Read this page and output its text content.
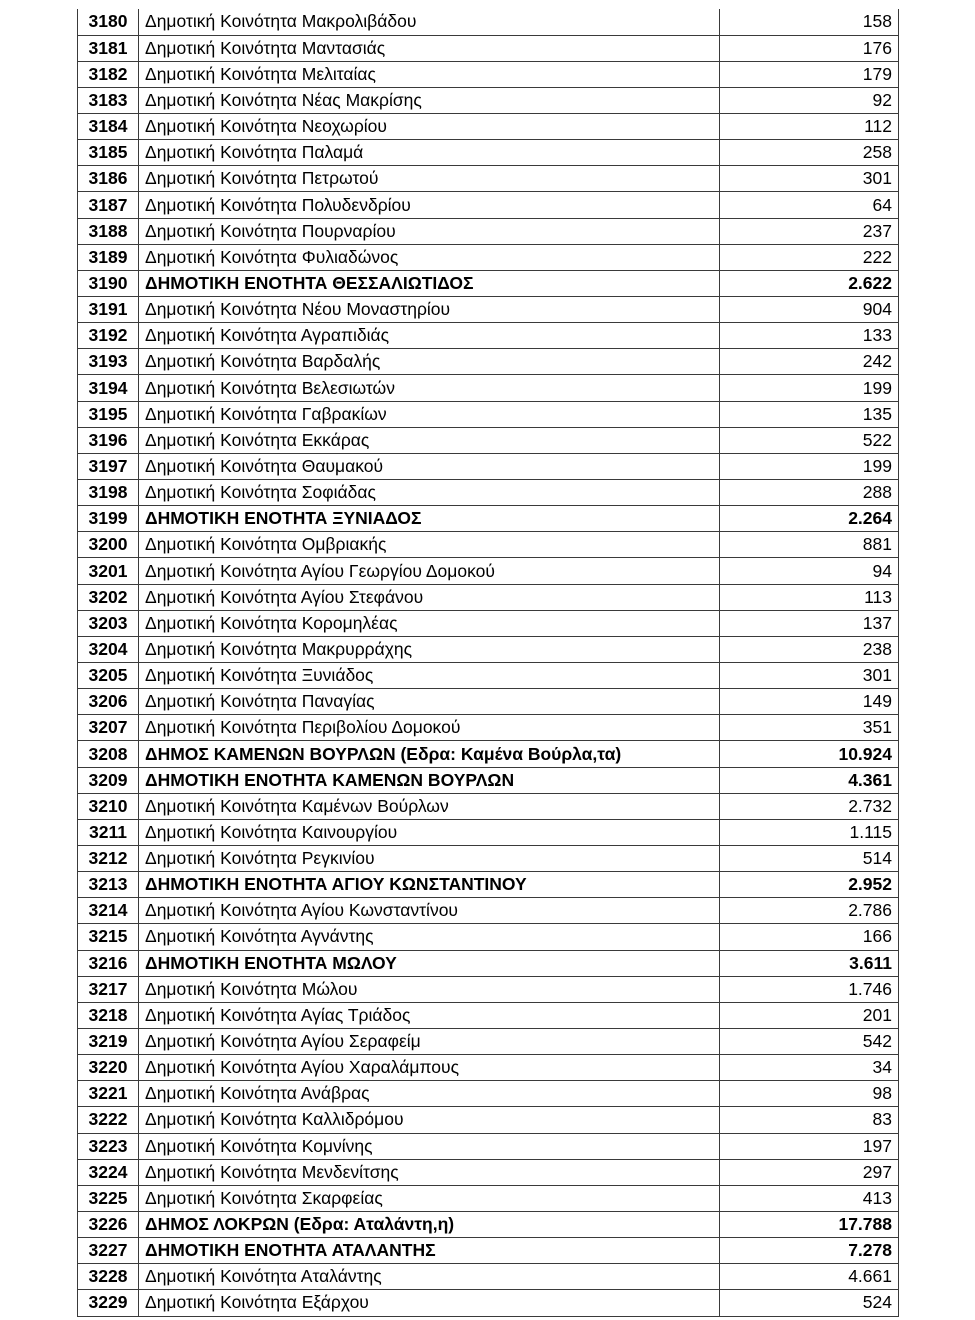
3180	Δημοτική Κοινότητα Μακρολιβάδου	158
3181	Δημοτική Κοινότητα Μαντασιάς	176
3182	Δημοτική Κοινότητα Μελιταίας	179
3183	Δημοτική Κοινότητα Νέας Μακρίσης	92
3184	Δημοτική Κοινότητα Νεοχωρίου	112
3185	Δημοτική Κοινότητα Παλαμά	258
3186	Δημοτική Κοινότητα Πετρωτού	301
3187	Δημοτική Κοινότητα Πολυδενδρίου	64
3188	Δημοτική Κοινότητα Πουρναρίου	237
3189	Δημοτική Κοινότητα Φυλιαδώνος	222
3190	ΔΗΜΟΤΙΚΗ ΕΝΟΤΗΤΑ ΘΕΣΣΑΛΙΩΤΙΔΟΣ	2.622
3191	Δημοτική Κοινότητα Νέου Μοναστηρίου	904
3192	Δημοτική Κοινότητα Αγραπιδιάς	133
3193	Δημοτική Κοινότητα Βαρδαλής	242
3194	Δημοτική Κοινότητα Βελεσιωτών	199
3195	Δημοτική Κοινότητα Γαβρακίων	135
3196	Δημοτική Κοινότητα Εκκάρας	522
3197	Δημοτική Κοινότητα Θαυμακού	199
3198	Δημοτική Κοινότητα Σοφιάδας	288
3199	ΔΗΜΟΤΙΚΗ ΕΝΟΤΗΤΑ ΞΥΝΙΑΔΟΣ	2.264
3200	Δημοτική Κοινότητα Ομβριακής	881
3201	Δημοτική Κοινότητα Αγίου Γεωργίου Δομοκού	94
3202	Δημοτική Κοινότητα Αγίου Στεφάνου	113
3203	Δημοτική Κοινότητα Κορομηλέας	137
3204	Δημοτική Κοινότητα Μακρυρράχης	238
3205	Δημοτική Κοινότητα Ξυνιάδος	301
3206	Δημοτική Κοινότητα Παναγίας	149
3207	Δημοτική Κοινότητα Περιβολίου Δομοκού	351
3208	ΔΗΜΟΣ ΚΑΜΕΝΩΝ ΒΟΥΡΛΩΝ (Εδρα: Καμένα Βούρλα,τα)	10.924
3209	ΔΗΜΟΤΙΚΗ ΕΝΟΤΗΤΑ ΚΑΜΕΝΩΝ ΒΟΥΡΛΩΝ	4.361
3210	Δημοτική Κοινότητα Καμένων Βούρλων	2.732
3211	Δημοτική Κοινότητα Καινουργίου	1.115
3212	Δημοτική Κοινότητα Ρεγκινίου	514
3213	ΔΗΜΟΤΙΚΗ ΕΝΟΤΗΤΑ ΑΓΙΟΥ ΚΩΝΣΤΑΝΤΙΝΟΥ	2.952
3214	Δημοτική Κοινότητα Αγίου Κωνσταντίνου	2.786
3215	Δημοτική Κοινότητα Αγνάντης	166
3216	ΔΗΜΟΤΙΚΗ ΕΝΟΤΗΤΑ ΜΩΛΟΥ	3.611
3217	Δημοτική Κοινότητα Μώλου	1.746
3218	Δημοτική Κοινότητα Αγίας Τριάδος	201
3219	Δημοτική Κοινότητα Αγίου Σεραφείμ	542
3220	Δημοτική Κοινότητα Αγίου Χαραλάμπους	34
3221	Δημοτική Κοινότητα Ανάβρας	98
3222	Δημοτική Κοινότητα Καλλιδρόμου	83
3223	Δημοτική Κοινότητα Κομνίνης	197
3224	Δημοτική Κοινότητα Μενδενίτσης	297
3225	Δημοτική Κοινότητα Σκαρφείας	413
3226	ΔΗΜΟΣ ΛΟΚΡΩΝ (Εδρα: Αταλάντη,η)	17.788
3227	ΔΗΜΟΤΙΚΗ ΕΝΟΤΗΤΑ ΑΤΑΛΑΝΤΗΣ	7.278
3228	Δημοτική Κοινότητα Αταλάντης	4.661
3229	Δημοτική Κοινότητα Εξάρχου	524
